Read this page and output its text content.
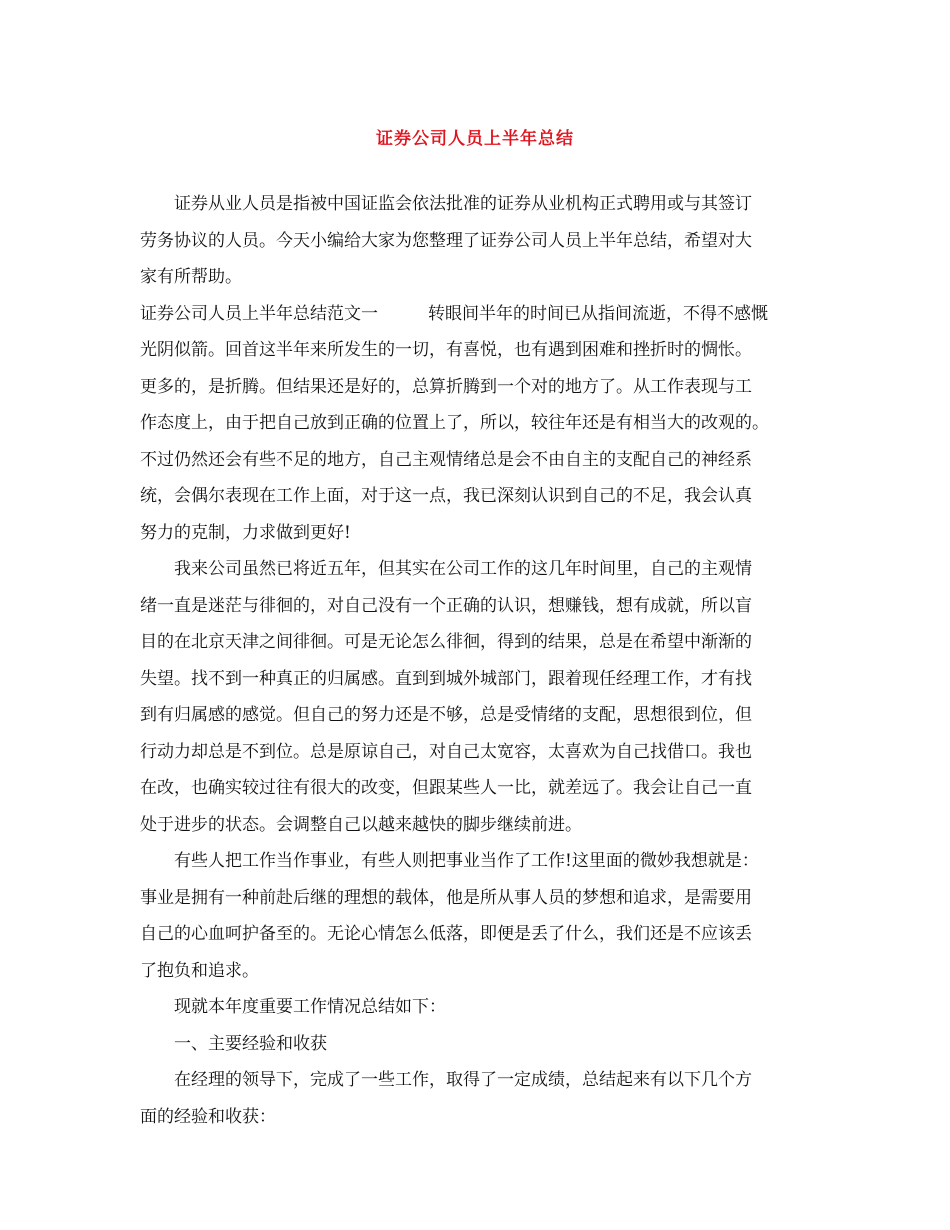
证券公司人员上半年总结
证券从业人员是指被中国证监会依法批准的证券从业机构正式聘用或与其签订
劳务协议的人员。今天小编给大家为您整理了证券公司人员上半年总结，希望对大
家有所帮助。
证券公司人员上半年总结范文一	转眼间半年的时间已从指间流逝，不得不感慨
光阴似箭。回首这半年来所发生的一切，有喜悦，也有遇到困难和挫折时的惆怅。
更多的，是折腾。但结果还是好的，总算折腾到一个对的地方了。从工作表现与工
作态度上，由于把自己放到正确的位置上了，所以，较往年还是有相当大的改观的。
不过仍然还会有些不足的地方，自己主观情绪总是会不由自主的支配自己的神经系
统，会偶尔表现在工作上面，对于这一点，我已深刻认识到自己的不足，我会认真
努力的克制，力求做到更好!
我来公司虽然已将近五年，但其实在公司工作的这几年时间里，自己的主观情
绪一直是迷茫与徘徊的，对自己没有一个正确的认识，想赚钱，想有成就，所以盲
目的在北京天津之间徘徊。可是无论怎么徘徊，得到的结果，总是在希望中渐渐的
失望。找不到一种真正的归属感。直到到城外城部门，跟着现任经理工作，才有找
到有归属感的感觉。但自己的努力还是不够，总是受情绪的支配，思想很到位，但
行动力却总是不到位。总是原谅自己，对自己太宽容，太喜欢为自己找借口。我也
在改，也确实较过往有很大的改变，但跟某些人一比，就差远了。我会让自己一直
处于进步的状态。会调整自己以越来越快的脚步继续前进。
有些人把工作当作事业，有些人则把事业当作了工作!这里面的微妙我想就是：
事业是拥有一种前赴后继的理想的载体，他是所从事人员的梦想和追求，是需要用
自己的心血呵护备至的。无论心情怎么低落，即便是丢了什么，我们还是不应该丢
了抱负和追求。
现就本年度重要工作情况总结如下：
一、主要经验和收获
在经理的领导下，完成了一些工作，取得了一定成绩，总结起来有以下几个方
面的经验和收获：
